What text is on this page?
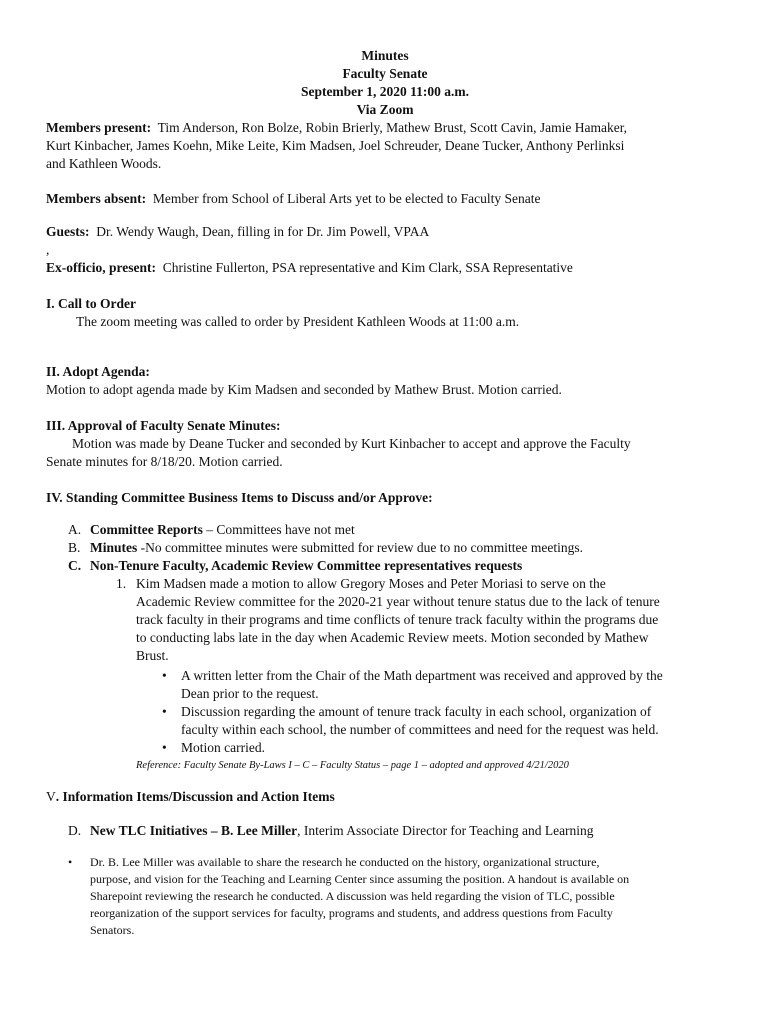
Minutes
Faculty Senate
September 1, 2020 11:00 a.m.
Via Zoom
Members present: Tim Anderson, Ron Bolze, Robin Brierly, Mathew Brust, Scott Cavin, Jamie Hamaker,
Kurt Kinbacher, James Koehn, Mike Leite, Kim Madsen, Joel Schreuder, Deane Tucker, Anthony Perlinksi
and Kathleen Woods.
Members absent: Member from School of Liberal Arts yet to be elected to Faculty Senate
Guests: Dr. Wendy Waugh, Dean, filling in for Dr. Jim Powell, VPAA
,
Ex-officio, present: Christine Fullerton, PSA representative and Kim Clark, SSA Representative
I. Call to Order
The zoom meeting was called to order by President Kathleen Woods at 11:00 a.m.
II. Adopt Agenda:
Motion to adopt agenda made by Kim Madsen and seconded by Mathew Brust. Motion carried.
III. Approval of Faculty Senate Minutes:
Motion was made by Deane Tucker and seconded by Kurt Kinbacher to accept and approve the Faculty
Senate minutes for 8/18/20. Motion carried.
IV. Standing Committee Business Items to Discuss and/or Approve:
A. Committee Reports – Committees have not met
B. Minutes -No committee minutes were submitted for review due to no committee meetings.
C. Non-Tenure Faculty, Academic Review Committee representatives requests
1. Kim Madsen made a motion to allow Gregory Moses and Peter Moriasi to serve on the
Academic Review committee for the 2020-21 year without tenure status due to the lack of tenure
track faculty in their programs and time conflicts of tenure track faculty within the programs due
to conducting labs late in the day when Academic Review meets. Motion seconded by Mathew
Brust.
• A written letter from the Chair of the Math department was received and approved by the
Dean prior to the request.
• Discussion regarding the amount of tenure track faculty in each school, organization of
faculty within each school, the number of committees and need for the request was held.
• Motion carried.
Reference: Faculty Senate By-Laws I – C – Faculty Status – page 1 – adopted and approved 4/21/2020
V. Information Items/Discussion and Action Items
D. New TLC Initiatives – B. Lee Miller, Interim Associate Director for Teaching and Learning
• Dr. B. Lee Miller was available to share the research he conducted on the history, organizational structure,
purpose, and vision for the Teaching and Learning Center since assuming the position. A handout is available on
Sharepoint reviewing the research he conducted. A discussion was held regarding the vision of TLC, possible
reorganization of the support services for faculty, programs and students, and address questions from Faculty
Senators.
